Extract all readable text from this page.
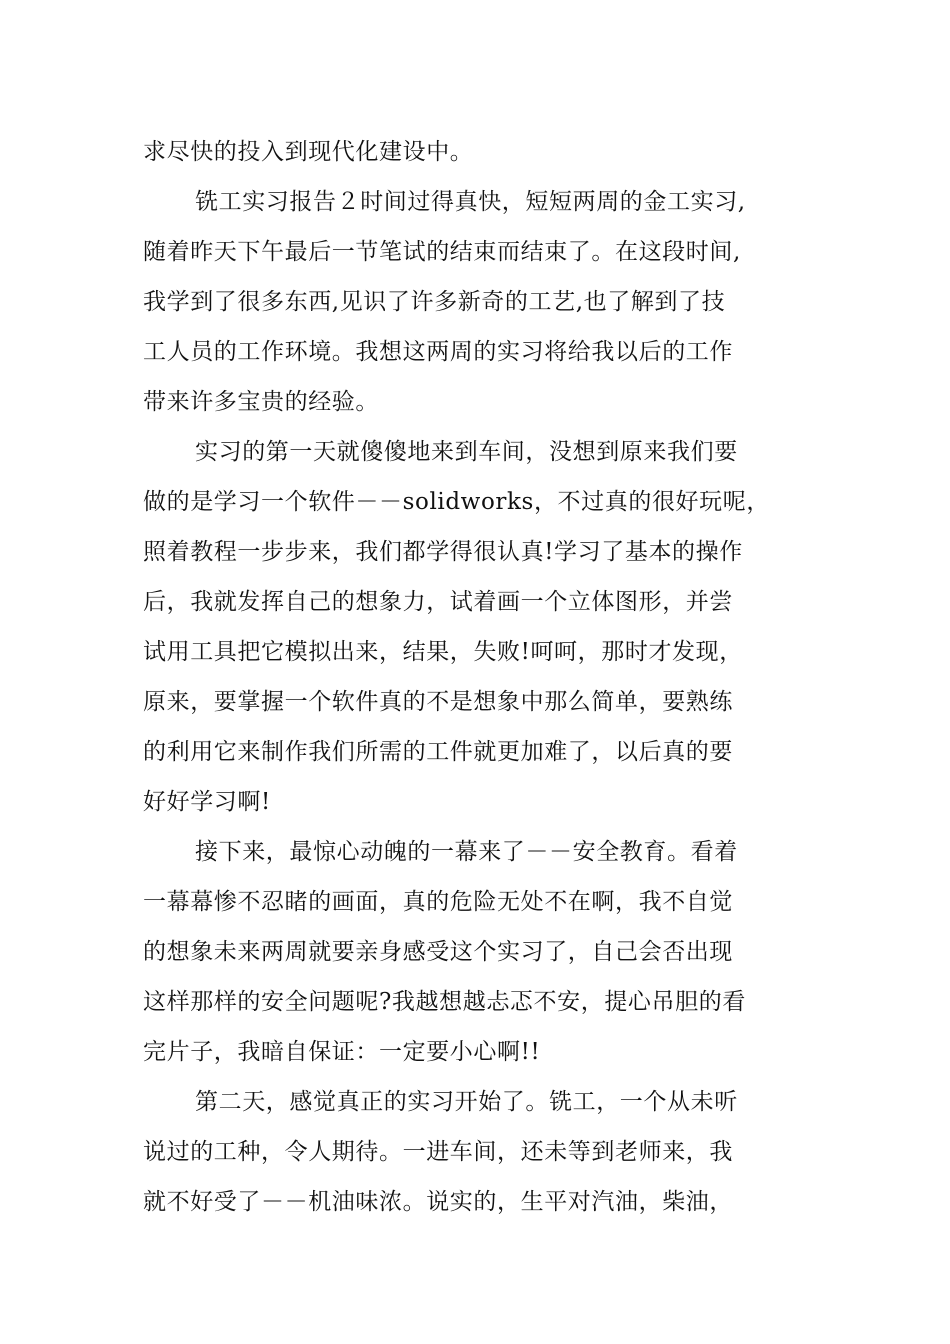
求尽快的投入到现代化建设中。
铣工实习报告２时间过得真快，短短两周的金工实习,
随着昨天下午最后一节笔试的结束而结束了。在这段时间,
我学到了很多东西,见识了许多新奇的工艺,也了解到了技
工人员的工作环境。我想这两周的实习将给我以后的工作
带来许多宝贵的经验。
实习的第一天就傻傻地来到车间，没想到原来我们要
做的是学习一个软件－－solidworks，不过真的很好玩呢，
照着教程一步步来，我们都学得很认真!学习了基本的操作
后，我就发挥自己的想象力，试着画一个立体图形，并尝
试用工具把它模拟出来，结果，失败!呵呵，那时才发现，
原来，要掌握一个软件真的不是想象中那么简单，要熟练
的利用它来制作我们所需的工件就更加难了，以后真的要
好好学习啊!
接下来，最惊心动魄的一幕来了－－安全教育。看着
一幕幕惨不忍睹的画面，真的危险无处不在啊，我不自觉
的想象未来两周就要亲身感受这个实习了，自己会否出现
这样那样的安全问题呢?我越想越忐忑不安，提心吊胆的看
完片子，我暗自保证：一定要小心啊!!
第二天，感觉真正的实习开始了。铣工，一个从未听
说过的工种，令人期待。一进车间，还未等到老师来，我
就不好受了－－机油味浓。说实的，生平对汽油，柴油，
